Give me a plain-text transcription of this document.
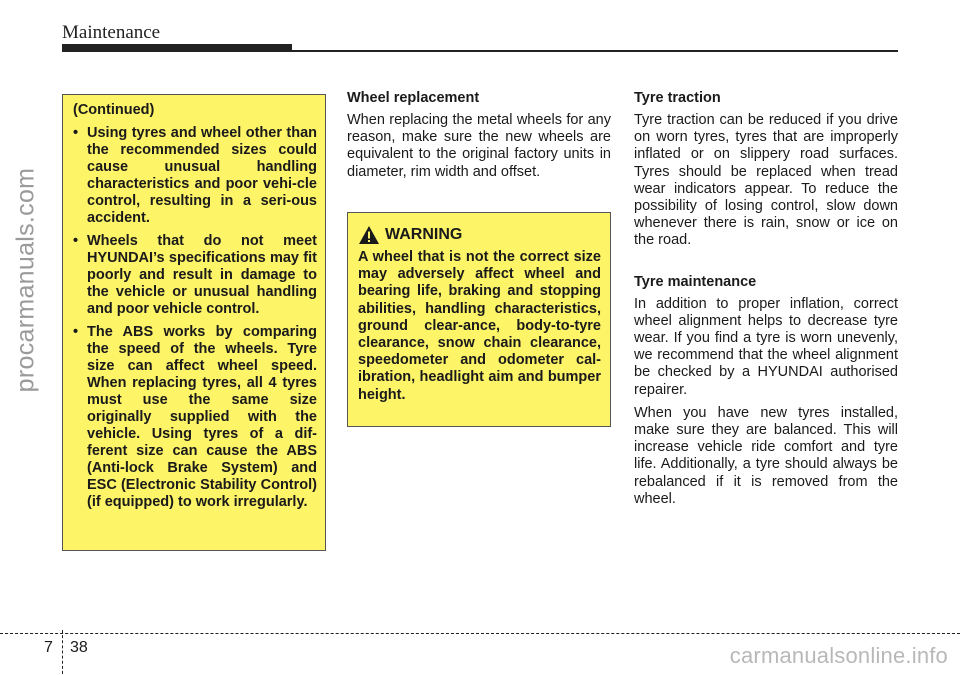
Maintenance
procarmanuals.com

(Continued)

• Using tyres and wheel other than the recommended sizes could cause unusual handling characteristics and poor vehi-cle control, resulting in a seri-ous accident.
• Wheels that do not meet HYUNDAI’s specifications may fit poorly and result in damage to the vehicle or unusual handling and poor vehicle control.
• The ABS works by comparing the speed of the wheels. Tyre size can affect wheel speed. When replacing tyres, all 4 tyres must use the same size originally supplied with the vehicle. Using tyres of a dif-ferent size can cause the ABS (Anti-lock Brake System) and ESC (Electronic Stability Control) (if equipped) to work irregularly.

Wheel replacement

When replacing the metal wheels for any reason, make sure the new wheels are equivalent to the original factory units in diameter, rim width and offset.

WARNING

A wheel that is not the correct size may adversely affect wheel and bearing life, braking and stopping abilities, handling characteristics, ground clear-ance, body-to-tyre clearance, snow chain clearance, speedometer and odometer cal-ibration, headlight aim and bumper height.

Tyre traction

Tyre traction can be reduced if you drive on worn tyres, tyres that are improperly inflated or on slippery road surfaces. Tyres should be replaced when tread wear indicators appear. To reduce the possibility of losing control, slow down whenever there is rain, snow or ice on the road.

Tyre maintenance

In addition to proper inflation, correct wheel alignment helps to decrease tyre wear. If you find a tyre is worn unevenly, we recommend that the wheel alignment be checked by a HYUNDAI authorised repairer.

When you have new tyres installed, make sure they are balanced. This will increase vehicle ride comfort and tyre life. Additionally, a tyre should always be rebalanced if it is removed from the wheel.

7 38	carmanualsonline.info
